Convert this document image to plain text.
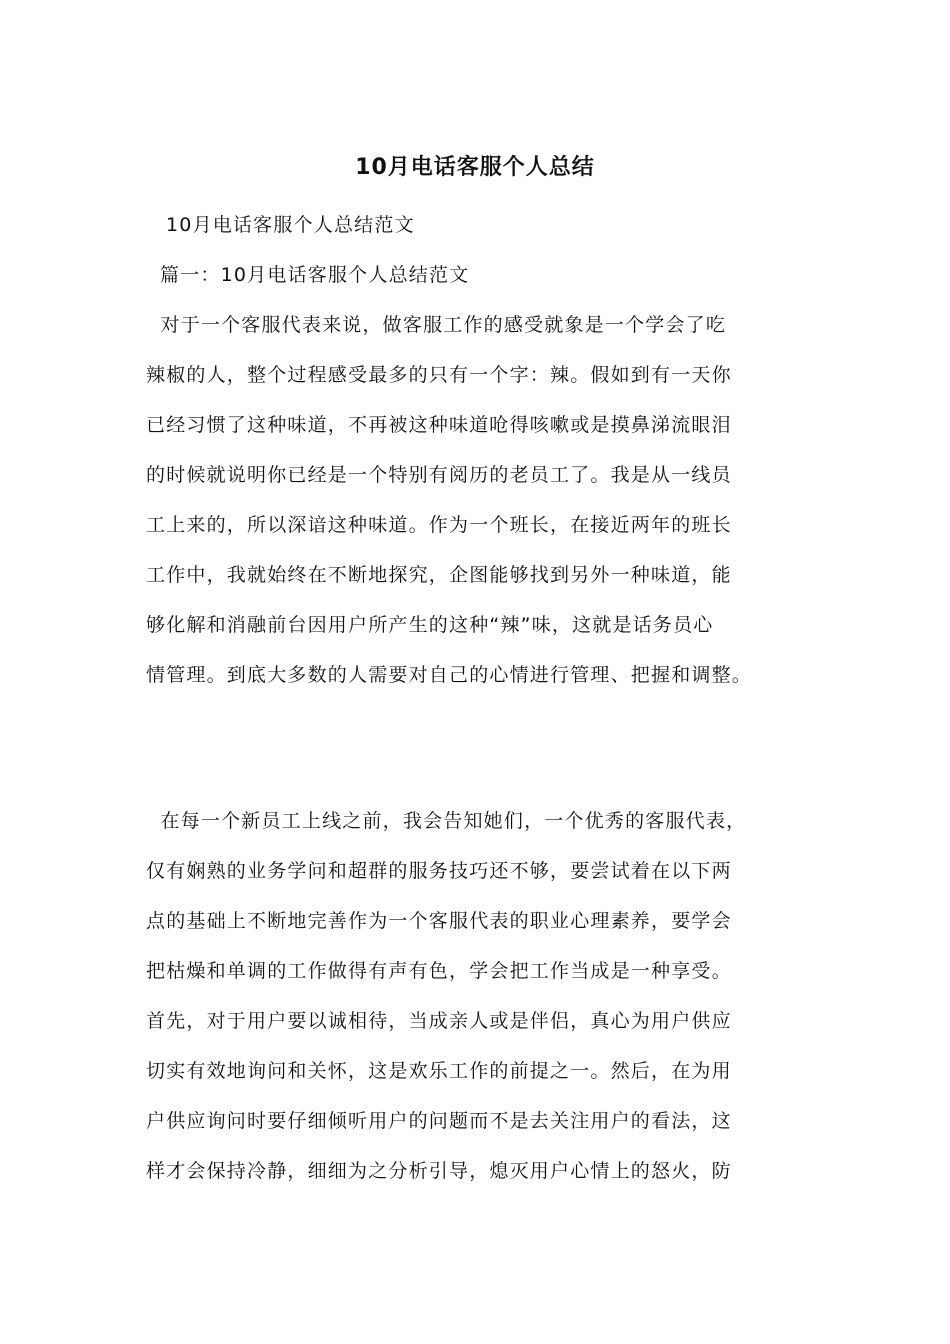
10月电话客服个人总结
10月电话客服个人总结范文
篇一：10月电话客服个人总结范文
对于一个客服代表来说，做客服工作的感受就象是一个学会了吃
辣椒的人，整个过程感受最多的只有一个字：辣。假如到有一天你
已经习惯了这种味道，不再被这种味道呛得咳嗽或是摸鼻涕流眼泪
的时候就说明你已经是一个特别有阅历的老员工了。我是从一线员
工上来的，所以深谙这种味道。作为一个班长，在接近两年的班长
工作中，我就始终在不断地探究，企图能够找到另外一种味道，能
够化解和消融前台因用户所产生的这种“辣”味，这就是话务员心
情管理。到底大多数的人需要对自己的心情进行管理、把握和调整。
在每一个新员工上线之前，我会告知她们，一个优秀的客服代表，
仅有娴熟的业务学问和超群的服务技巧还不够，要尝试着在以下两
点的基础上不断地完善作为一个客服代表的职业心理素养，要学会
把枯燥和单调的工作做得有声有色，学会把工作当成是一种享受。
首先，对于用户要以诚相待，当成亲人或是伴侣，真心为用户供应
切实有效地询问和关怀，这是欢乐工作的前提之一。然后，在为用
户供应询问时要仔细倾听用户的问题而不是去关注用户的看法，这
样才会保持冷静，细细为之分析引导，熄灭用户心情上的怒火，防
